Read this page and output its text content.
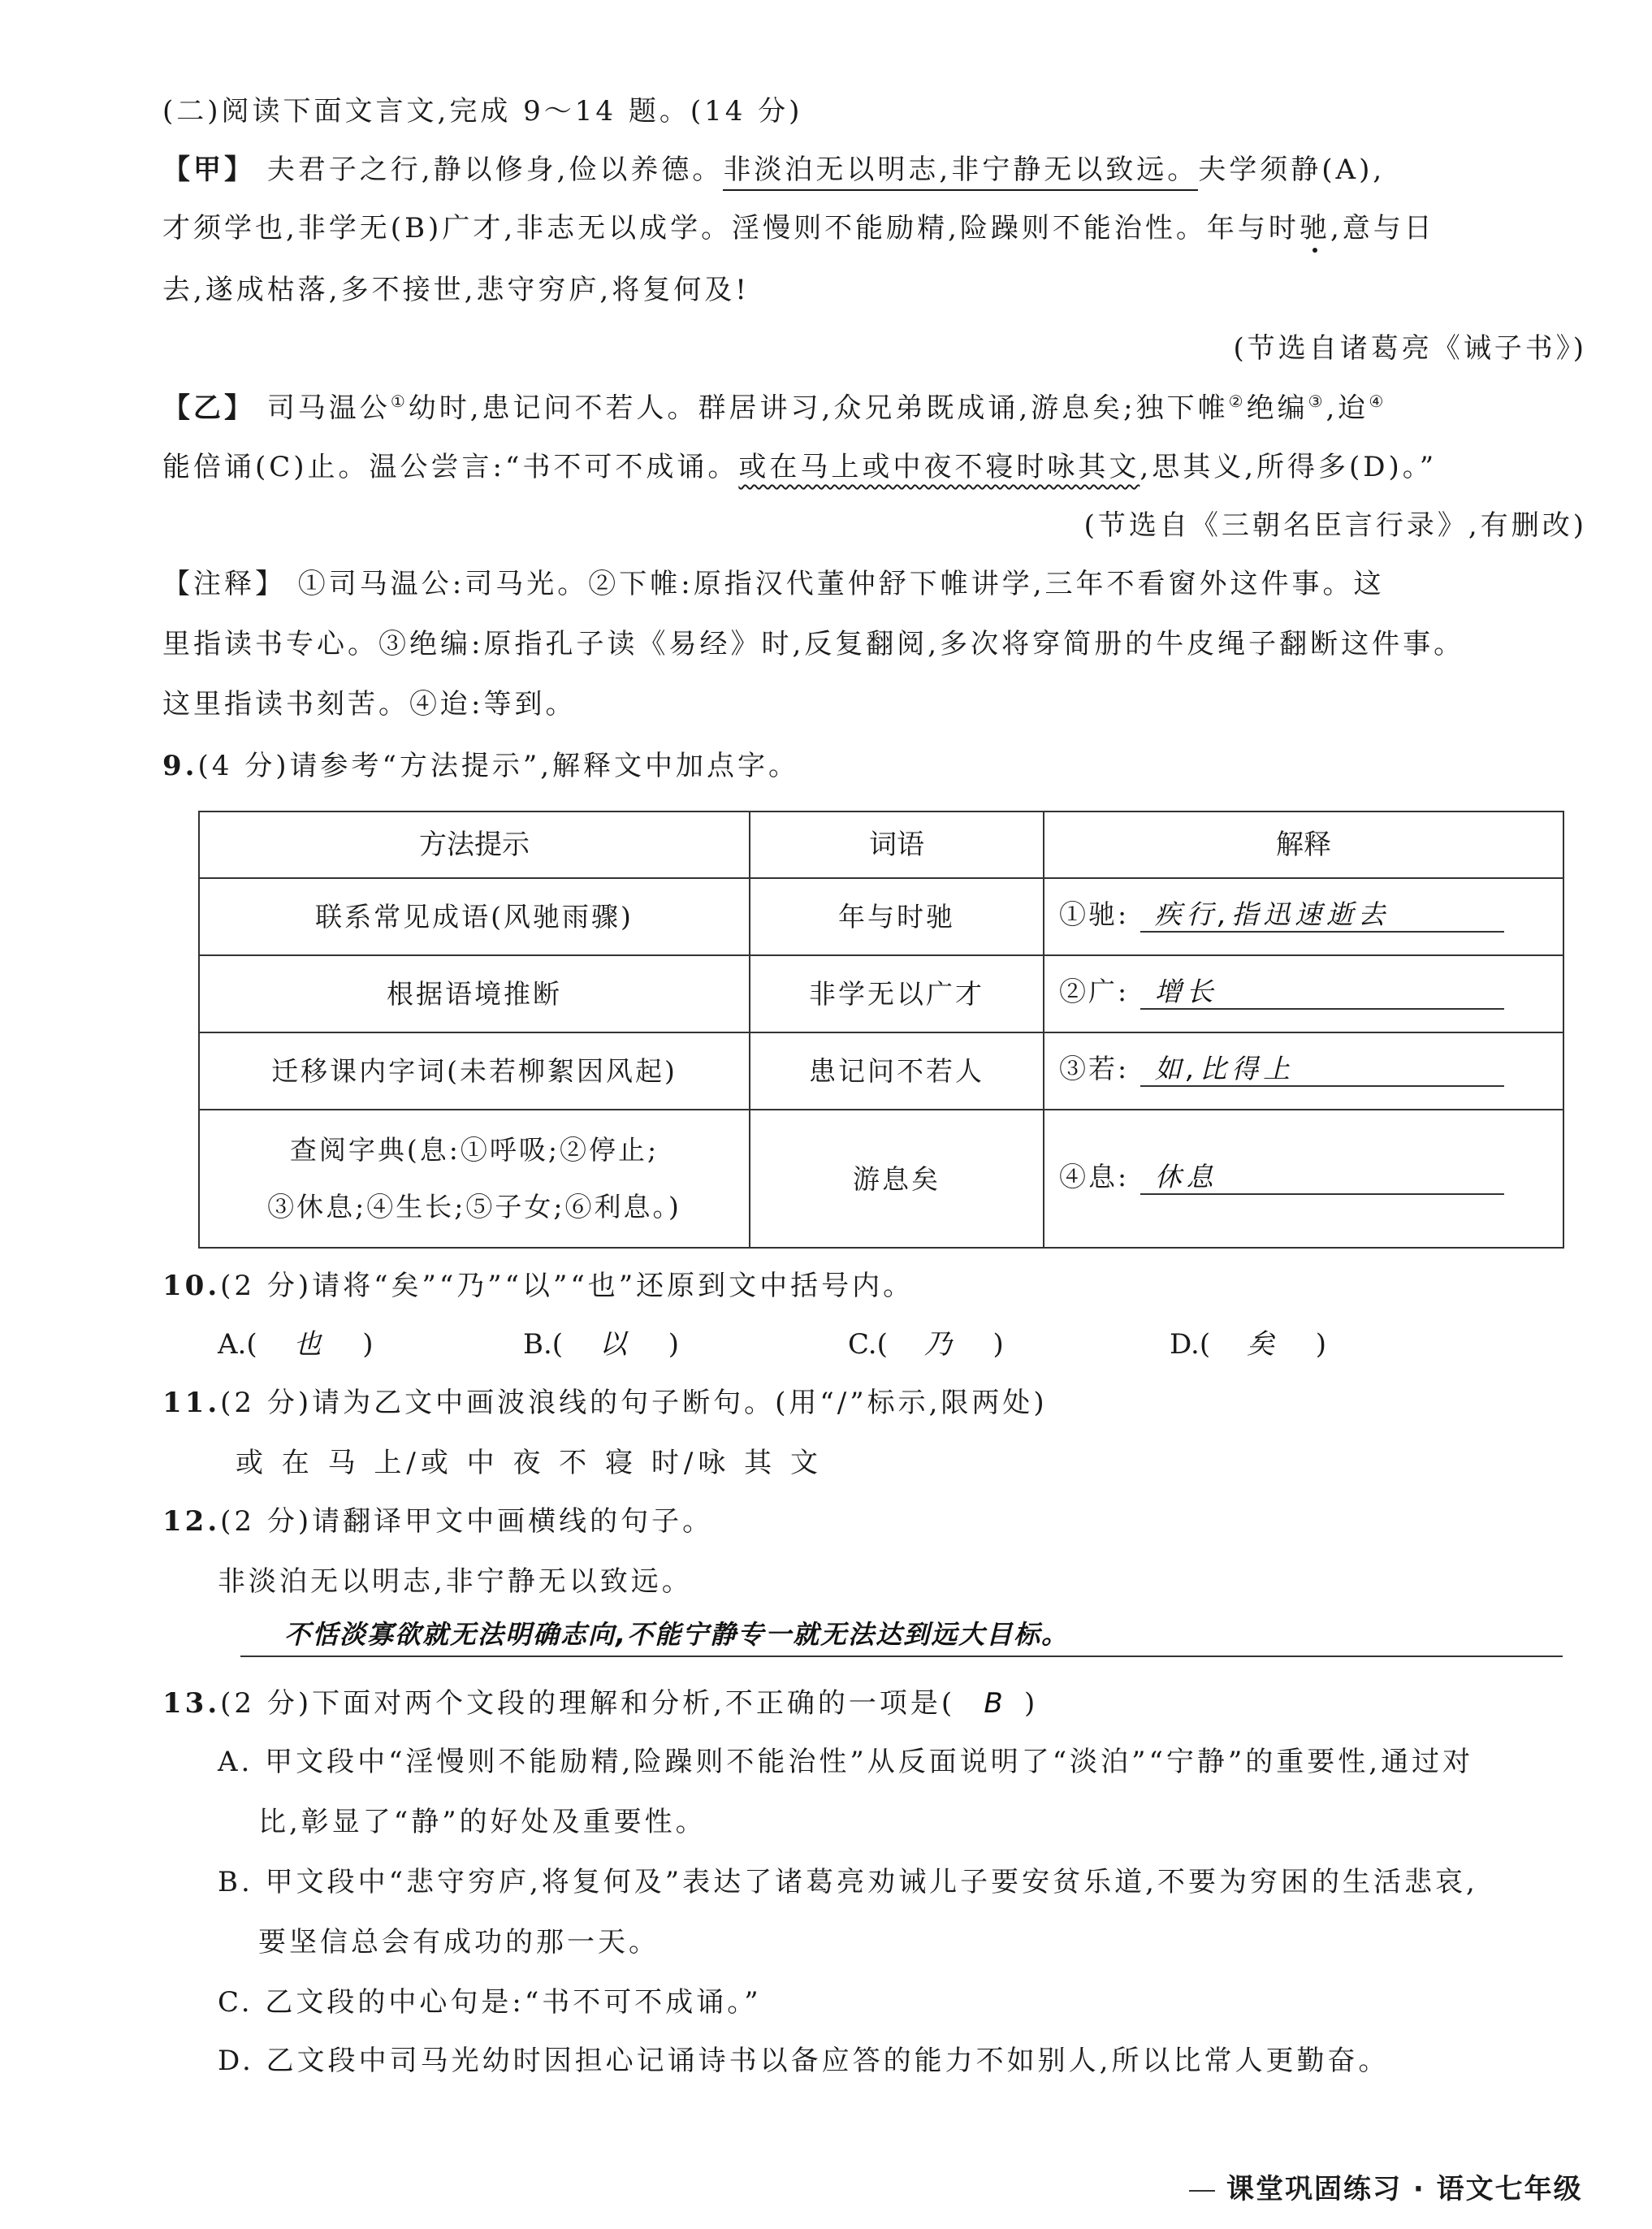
(二)阅读下面文言文,完成 9～14 题。(14 分)
【甲】 夫君子之行,静以修身,俭以养德。非淡泊无以明志,非宁静无以致远。夫学须静(A),
才须学也,非学无(B)广才,非志无以成学。淫慢则不能励精,险躁则不能治性。年与时驰,意与日
去,遂成枯落,多不接世,悲守穷庐,将复何及!
(节选自诸葛亮《诫子书》)
【乙】 司马温公①幼时,患记问不若人。群居讲习,众兄弟既成诵,游息矣;独下帷②绝编③,迨④
能倍诵(C)止。温公尝言:“书不可不成诵。或在马上或中夜不寝时咏其文,思其义,所得多(D)。”
(节选自《三朝名臣言行录》,有删改)
【注释】 ①司马温公:司马光。②下帷:原指汉代董仲舒下帷讲学,三年不看窗外这件事。这
里指读书专心。③绝编:原指孔子读《易经》时,反复翻阅,多次将穿简册的牛皮绳子翻断这件事。
这里指读书刻苦。④迨:等到。
9.(4 分)请参考“方法提示”,解释文中加点字。
方法提示	词语	解释
联系常见成语(风驰雨骤)	年与时驰	①驰: 疾行,指迅速逝去
根据语境推断	非学无以广才	②广: 增长
迁移课内字词(未若柳絮因风起)	患记问不若人	③若: 如,比得上

查阅字典(息:①呼吸;②停止;
③休息;④生长;⑤子女;⑥利息。)	游息矣	④息: 休息
10.(2 分)请将“矣”“乃”“以”“也”还原到文中括号内。
A.( 也 )	B.( 以 )	C.( 乃 )	D.( 矣 )
11.(2 分)请为乙文中画波浪线的句子断句。(用“/”标示,限两处)
或 在 马 上/或 中 夜 不 寝 时/咏 其 文
12.(2 分)请翻译甲文中画横线的句子。
非淡泊无以明志,非宁静无以致远。
不恬淡寡欲就无法明确志向,不能宁静专一就无法达到远大目标。
13.(2 分)下面对两个文段的理解和分析,不正确的一项是( B )
A. 甲文段中“淫慢则不能励精,险躁则不能治性”从反面说明了“淡泊”“宁静”的重要性,通过对
比,彰显了“静”的好处及重要性。
B. 甲文段中“悲守穷庐,将复何及”表达了诸葛亮劝诫儿子要安贫乐道,不要为穷困的生活悲哀,
要坚信总会有成功的那一天。
C. 乙文段的中心句是:“书不可不成诵。”
D. 乙文段中司马光幼时因担心记诵诗书以备应答的能力不如别人,所以比常人更勤奋。
课堂巩固练习 · 语文七年级
